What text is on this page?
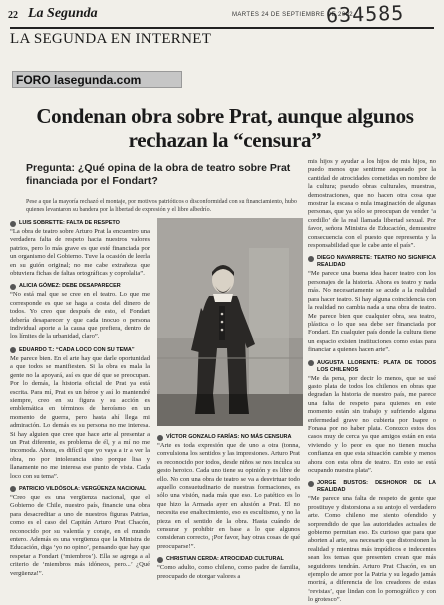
22 La Segunda	MARTES 24 DE SEPTIEMBRE DE 2002
634585
LA SEGUNDA EN INTERNET
FORO lasegunda.com
Condenan obra sobre Prat, aunque algunos rechazan la “censura”
Pregunta: ¿Qué opina de la obra de teatro sobre Prat financiada por el Fondart?
Pese a que la mayoría rechazó el montaje, por motivos patrióticos o disconformidad con su financiamiento, hubo quienes levantaron su bandera por la libertad de expresión y el libre albedrío.
LUIS SOBRETTE: FALTA DE RESPETO

“La obra de teatro sobre Arturo Prat la encuentro una verdadera falta de respeto hacia nuestros valores patrios, pero lo más grave es que esté financiada por un organismo del Gobierno. Tuve la ocasión de leerla en su guión original; no me cabe extrañeza que obtuviera fichas de faltas ortográficas y coprolalia”.

ALICIA GÓMEZ: DEBE DESAPARECER

“No está mal que se cree en el teatro. Lo que me corresponde es que se haga a costa del dinero de todos. Yo creo que después de esto, el Fondart debería desaparecer y que cada inocuo o persona individual aporte a la causa que prefiera, dentro de los límites de la urbanidad, claro”.

EDUARDO T.: “CADA LOCO CON SU TEMA”

Me parece bien. En el arte hay que darle oportunidad a que todos se manifiesten. Si la obra es mala la gente no la apoyará, así es que dé que se preocupan. Por lo demás, la historia oficial de Prat ya está escrita. Para mí, Prat es un héroe y así lo mantendré siempre, creo en su figura y su acción es emblemática en términos de heroísmo en un momento de guerra, pero hasta ahí llega mi admiración. Lo demás es su persona no me interesa. Si hay alguien que cree que hace arte al presentar a un Prat diferente, es problema de él, y a mí no me incomoda. Ahora, es difícil que yo vaya a ir a ver la obra, no por intolerancia sino porque lisa y llanamente no me interesa ese punto de vista. Cada loco con su tema”.

PATRICIO VILDÓSOLA: VERGÜENZA NACIONAL

“Creo que es una vergüenza nacional, que el Gobierno de Chile, nuestro país, financie una obra para desacreditar a uno de nuestros figuras Patrias, como es el caso del Capitán Arturo Prat Chacón, reconocido por su valentía y coraje, en el mundo entero. Además es una vergüenza que la Ministra de Educación, diga ‘yo no opino’, pensando que hay que respetar a Fondart (‘miembros’). Ella se agrega a al criterio de ‘miembros más idóneos, pero...’ ¿Qué vergüenza!”.

VÍCTOR GONZALO FARÍAS: NO MÁS CENSURA

“Arte es toda expresión que de uno a otra (tonna, convulsiona los sentidos y las impresiones. Arturo Prat es reconocido por todos, desde niños se nos inculca su gesto heroico. Cada uno tiene su opinión y es libre de ello. No con una obra de teatro se va a desvirtuar todo aquello consuetudinario de nuestras formaciones, es sólo una visión, nada más que eso. Lo patético es lo que hizo la Armada ayer en alusión a Prat. El no necesita ese enaltecimiento, eso es escultismo, y no la pieza en el sentido de la obra. Hasta cuándo de censurar y prohibir en base a lo que algunos consideran correcto, ¡Por favor, hay otras cosas de qué preocuparse!”.

CHRISTIAN CERDA: ATROCIDAD CULTURAL

“Como adulto, como chileno, como padre de familia, preocupado de otorgar valores a

mis hijos y ayudar a los hijos de mis hijos, no puedo menos que sentirme asqueado por la cantidad de atrocidades cometidas en nombre de la cultura; pseudo obras culturales, muestras, demostraciones, que no hacen otra cosa que mostrar la escasa o nula imaginación de algunas personas, que ya sólo se preocupan de vender ‘a cordillo’ de la real llamada libertad sexual. Por favor, señora Ministra de Educación, demuestre consecuencia con el puesto que representa y la responsabilidad que le cabe ante el país”.

DIEGO NAVARRETE: TEATRO NO SIGNIFICA REALIDAD

“Me parece una buena idea hacer teatro con los personajes de la historia. Ahora es teatro y nada más. No necesariamente se acude a la realidad para hacer teatro. Si hay alguna coincidencia con la realidad no cambia nada a una obra de teatro. Me parece bien que cualquier obra, sea teatro, plástica o lo que sea debe ser financiada por Fondart. En cualquier país donde la cultura tiene un espacio existen instituciones como estas para financiar a quienes hacen arte”.

AUGUSTA LLORENTE: PLATA DE TODOS LOS CHILENOS

“Me da pena, por decir lo menos, que se usé gasto plata de todos los chilenos en obras que degradan la historia de nuestro país, me parece una falta de respeto para quienes en este momento están sin trabajo y sufriendo alguna enfermedad grave no cubierta por Isapre o Fonasa por no haber plata. Conozco estos dos casos muy de cerca ya que amigos están en esta viviendo y lo peor es que no tienen mucha confianza en que esta situación cambie y menos ahora con esta obra de teatro. En esto se está ocupando nuestra plata”.

JORGE BUSTOS: DESHONOR DE LA REALIDAD

“Me parece una falta de respeto de gente que prostituye y distorsiona a su antojo el verdadero arte. Como chileno me siento ofendido y sorprendido de que las autoridades actuales de gobierno permitan eso. Es curioso que para que aborten al arte, sea necesario que distorsionen la realidad y mientras más impúdicos e indecentes sean los temas que presenten crean que más seguidores tendrán. Arturo Prat Chacón, es un ejemplo de amor por la Patria y su legado jamás morirá, a diferencia de los creadores de estas ‘revistas’, que lindan con lo pornográfico y con lo grotesco”.
